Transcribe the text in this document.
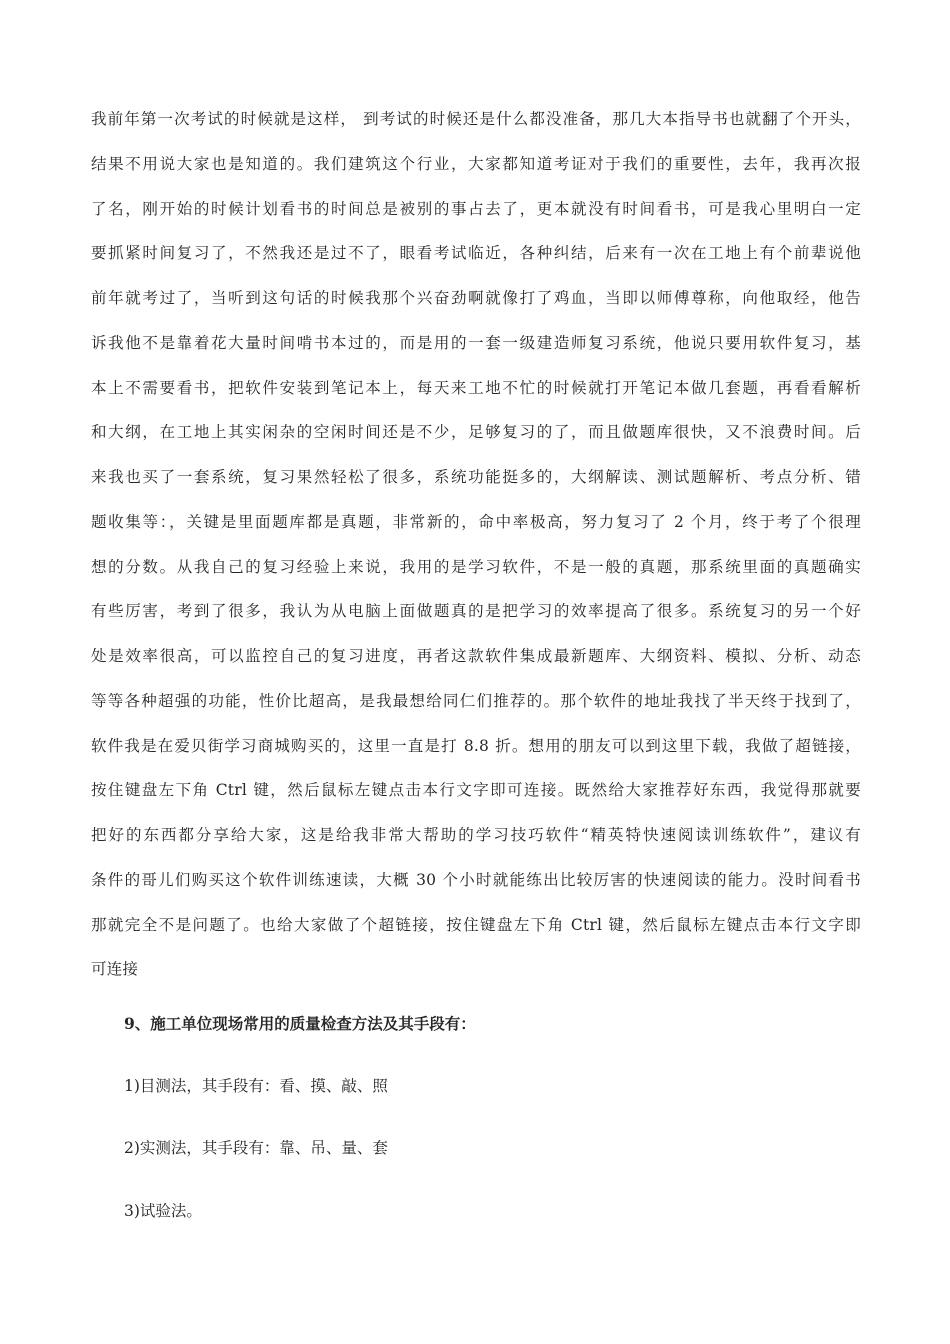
我前年第一次考试的时候就是这样， 到考试的时候还是什么都没准备，那几大本指导书也就翻了个开头，
结果不用说大家也是知道的。我们建筑这个行业，大家都知道考证对于我们的重要性，去年，我再次报
了名，刚开始的时候计划看书的时间总是被别的事占去了，更本就没有时间看书，可是我心里明白一定
要抓紧时间复习了，不然我还是过不了，眼看考试临近，各种纠结，后来有一次在工地上有个前辈说他
前年就考过了，当听到这句话的时候我那个兴奋劲啊就像打了鸡血，当即以师傅尊称，向他取经，他告
诉我他不是靠着花大量时间啃书本过的，而是用的一套一级建造师复习系统，他说只要用软件复习，基
本上不需要看书，把软件安装到笔记本上，每天来工地不忙的时候就打开笔记本做几套题，再看看解析
和大纲，在工地上其实闲杂的空闲时间还是不少，足够复习的了，而且做题库很快，又不浪费时间。后
来我也买了一套系统，复习果然轻松了很多，系统功能挺多的，大纲解读、测试题解析、考点分析、错
题收集等：，关键是里面题库都是真题，非常新的，命中率极高，努力复习了 2 个月，终于考了个很理
想的分数。从我自己的复习经验上来说，我用的是学习软件，不是一般的真题，那系统里面的真题确实
有些厉害，考到了很多，我认为从电脑上面做题真的是把学习的效率提高了很多。系统复习的另一个好
处是效率很高，可以监控自己的复习进度，再者这款软件集成最新题库、大纲资料、模拟、分析、动态
等等各种超强的功能，性价比超高，是我最想给同仁们推荐的。那个软件的地址我找了半天终于找到了，
软件我是在爱贝街学习商城购买的，这里一直是打 8.8 折。想用的朋友可以到这里下载，我做了超链接，
按住键盘左下角 Ctrl 键，然后鼠标左键点击本行文字即可连接。既然给大家推荐好东西，我觉得那就要
把好的东西都分享给大家，这是给我非常大帮助的学习技巧软件“精英特快速阅读训练软件”，建议有
条件的哥儿们购买这个软件训练速读，大概 30 个小时就能练出比较厉害的快速阅读的能力。没时间看书
那就完全不是问题了。也给大家做了个超链接，按住键盘左下角 Ctrl 键，然后鼠标左键点击本行文字即
可连接

9、施工单位现场常用的质量检查方法及其手段有：

1)目测法，其手段有：看、摸、敲、照

2)实测法，其手段有：靠、吊、量、套

3)试验法。
